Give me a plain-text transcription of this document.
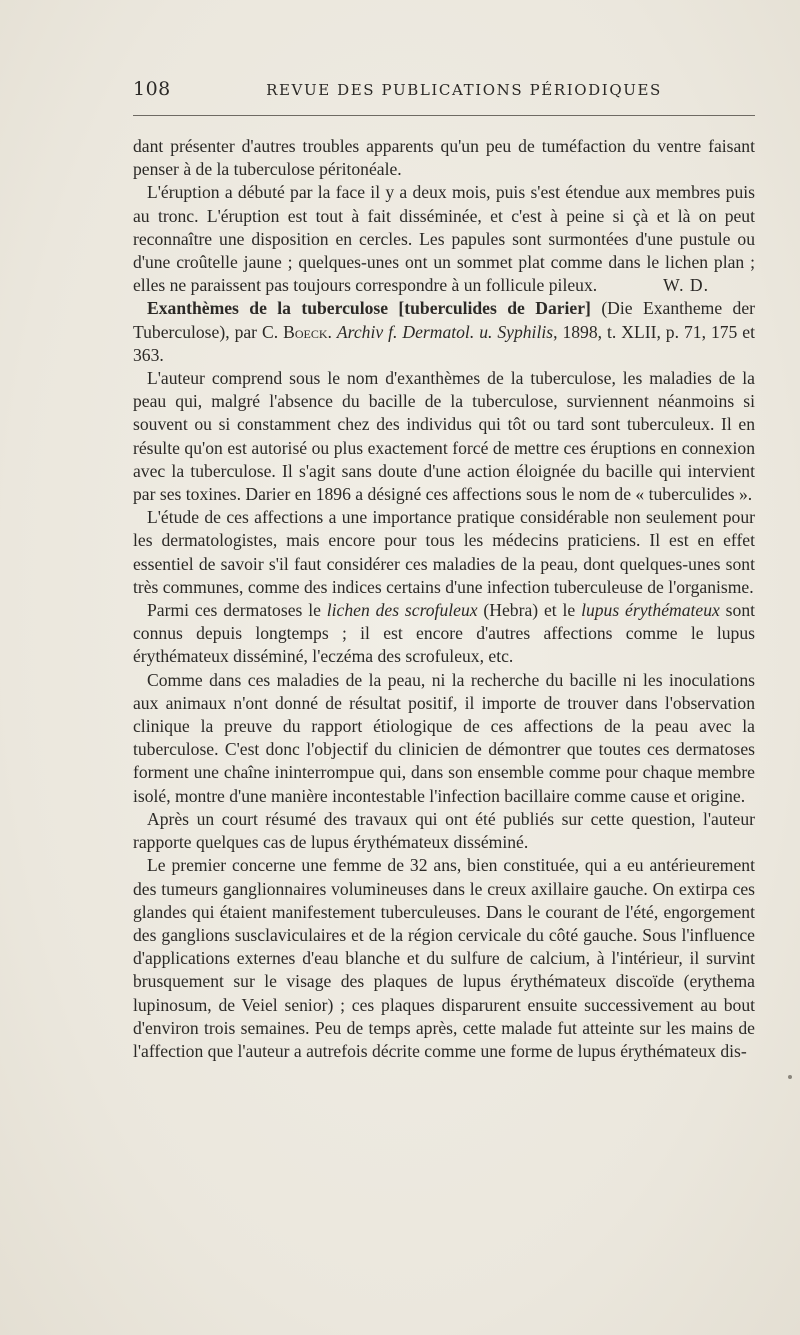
108	REVUE DES PUBLICATIONS PÉRIODIQUES

dant présenter d'autres troubles apparents qu'un peu de tuméfaction du ventre faisant penser à de la tuberculose péritonéale.

L'éruption a débuté par la face il y a deux mois, puis s'est étendue aux membres puis au tronc. L'éruption est tout à fait disséminée, et c'est à peine si çà et là on peut reconnaître une disposition en cercles. Les papules sont surmontées d'une pustule ou d'une croûtelle jaune ; quelques-unes ont un sommet plat comme dans le lichen plan ; elles ne paraissent pas toujours correspondre à un follicule pileux.	W. D.

Exanthèmes de la tuberculose [tuberculides de Darier] (Die Exantheme der Tuberculose), par C. Boeck. Archiv f. Dermatol. u. Syphilis, 1898, t. XLII, p. 71, 175 et 363.

L'auteur comprend sous le nom d'exanthèmes de la tuberculose, les maladies de la peau qui, malgré l'absence du bacille de la tuberculose, surviennent néanmoins si souvent ou si constamment chez des individus qui tôt ou tard sont tuberculeux. Il en résulte qu'on est autorisé ou plus exactement forcé de mettre ces éruptions en connexion avec la tuberculose. Il s'agit sans doute d'une action éloignée du bacille qui intervient par ses toxines. Darier en 1896 a désigné ces affections sous le nom de « tuberculides ».

L'étude de ces affections a une importance pratique considérable non seulement pour les dermatologistes, mais encore pour tous les médecins praticiens. Il est en effet essentiel de savoir s'il faut considérer ces maladies de la peau, dont quelques-unes sont très communes, comme des indices certains d'une infection tuberculeuse de l'organisme.

Parmi ces dermatoses le lichen des scrofuleux (Hebra) et le lupus érythémateux sont connus depuis longtemps ; il est encore d'autres affections comme le lupus érythémateux disséminé, l'eczéma des scrofuleux, etc.

Comme dans ces maladies de la peau, ni la recherche du bacille ni les inoculations aux animaux n'ont donné de résultat positif, il importe de trouver dans l'observation clinique la preuve du rapport étiologique de ces affections de la peau avec la tuberculose. C'est donc l'objectif du clinicien de démontrer que toutes ces dermatoses forment une chaîne ininterrompue qui, dans son ensemble comme pour chaque membre isolé, montre d'une manière incontestable l'infection bacillaire comme cause et origine.

Après un court résumé des travaux qui ont été publiés sur cette question, l'auteur rapporte quelques cas de lupus érythémateux disséminé.

Le premier concerne une femme de 32 ans, bien constituée, qui a eu antérieurement des tumeurs ganglionnaires volumineuses dans le creux axillaire gauche. On extirpa ces glandes qui étaient manifestement tuberculeuses. Dans le courant de l'été, engorgement des ganglions susclaviculaires et de la région cervicale du côté gauche. Sous l'influence d'applications externes d'eau blanche et du sulfure de calcium, à l'intérieur, il survint brusquement sur le visage des plaques de lupus érythémateux discoïde (erythema lupinosum, de Veiel senior) ; ces plaques disparurent ensuite successivement au bout d'environ trois semaines. Peu de temps après, cette malade fut atteinte sur les mains de l'affection que l'auteur a autrefois décrite comme une forme de lupus érythémateux dis-
